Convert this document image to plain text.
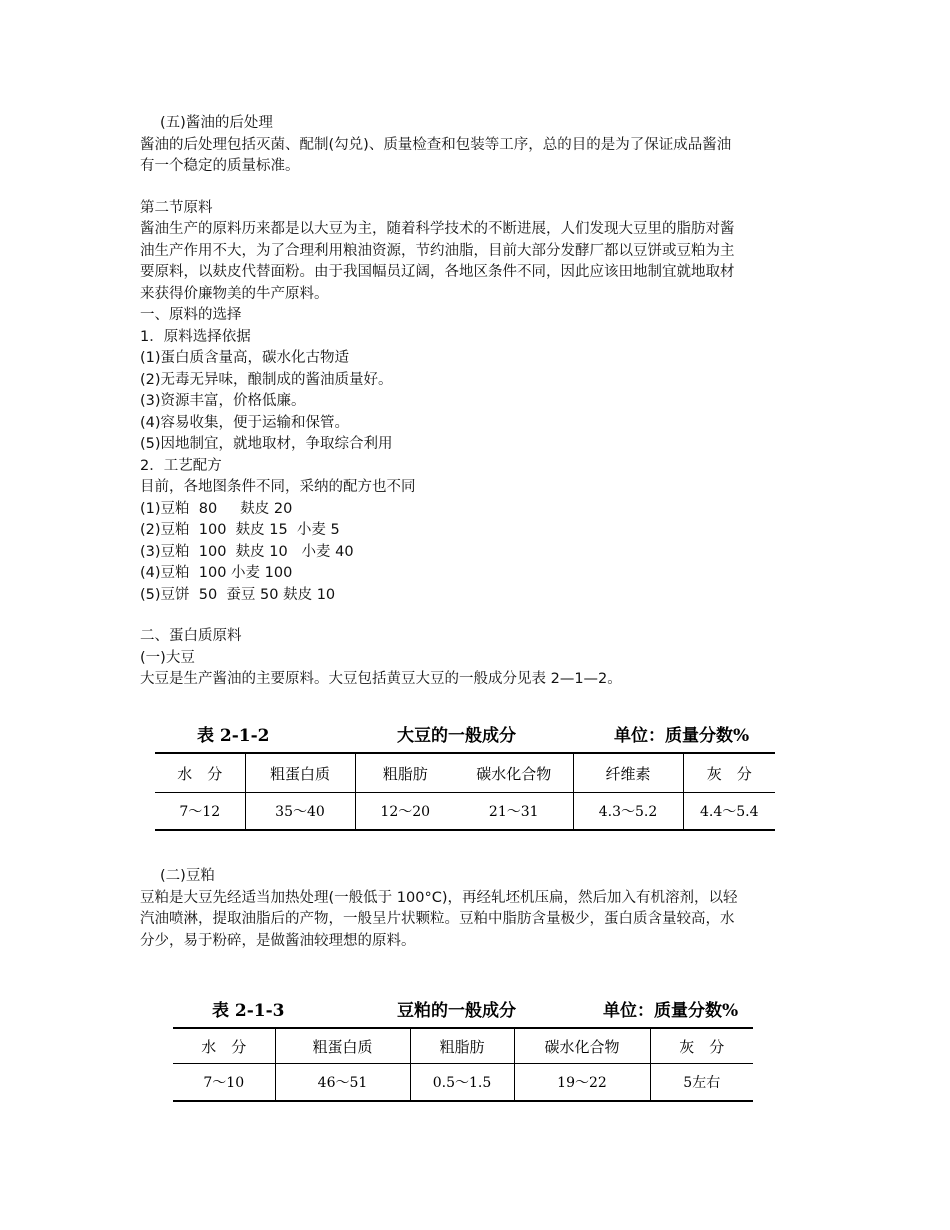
(五)酱油的后处理
酱油的后处理包括灭菌、配制(勾兑)、质量检查和包装等工序，总的目的是为了保证成品酱油
有一个稳定的质量标准。
第二节原料
酱油生产的原料历来都是以大豆为主，随着科学技术的不断进展，人们发现大豆里的脂肪对酱
油生产作用不大，为了合理利用粮油资源，节约油脂，目前大部分发酵厂都以豆饼或豆粕为主
要原料，以麸皮代替面粉。由于我国幅员辽阔，各地区条件不同，因此应该田地制宜就地取材
来获得价廉物美的牛产原料。
一、原料的选择
1．原料选择依据
(1)蛋白质含量高，碳水化古物适
(2)无毒无异味，酿制成的酱油质量好。
(3)资源丰富，价格低廉。
(4)容易收集，便于运输和保管。
(5)因地制宜，就地取材，争取综合利用
2．工艺配方
目前，各地图条件不同，采纳的配方也不同
(1)豆粕  80     麸皮 20
(2)豆粕  100  麸皮 15  小麦 5
(3)豆粕  100  麸皮 10   小麦 40
(4)豆粕  100 小麦 100
(5)豆饼  50  蚕豆 50 麸皮 10
二、蛋白质原料
(一)大豆
大豆是生产酱油的主要原料。大豆包括黄豆大豆的一般成分见表 2—1—2。
表 2-1-2	大豆的一般成分	单位：质量分数%
水　分	粗蛋白质	粗脂肪	碳水化合物	纤维素	灰　分
7～12	35～40	12～20	21～31	4.3～5.2	4.4～5.4
(二)豆粕
豆粕是大豆先经适当加热处理(一般低于 100°C)，再经轧坯机压扁，然后加入有机溶剂，以轻
汽油喷淋，提取油脂后的产物，一般呈片状颗粒。豆粕中脂肪含量极少，蛋白质含量较高，水
分少，易于粉碎，是做酱油较理想的原料。
表 2-1-3	豆粕的一般成分	单位：质量分数%
水　分	粗蛋白质	粗脂肪	碳水化合物	灰　分
7～10	46～51	0.5～1.5	19～22	5左右
